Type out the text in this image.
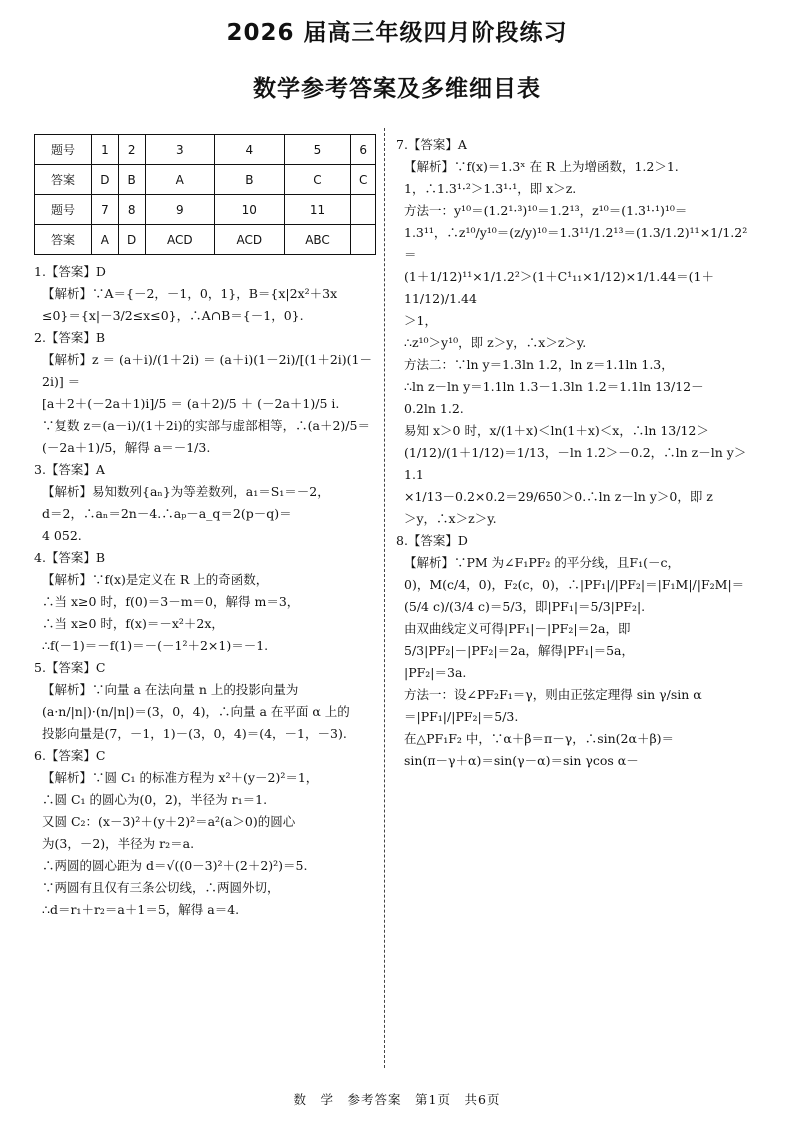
2026 届高三年级四月阶段练习
数学参考答案及多维细目表
题号	1	2	3	4	5	6
答案	D	B	A	B	C	C
题号	7	8	9	10	11	
答案	A	D	ACD	ACD	ABC	

1.【答案】D

【解析】∵A＝{－2，－1，0，1}，B＝{x|2x²＋3x

≤0}＝{x|－3/2≤x≤0}，∴A∩B＝{－1，0}.

2.【答案】B

【解析】z ＝ (a＋i)/(1＋2i) ＝ (a＋i)(1－2i)/[(1＋2i)(1－2i)] ＝

[a＋2＋(－2a＋1)i]/5 ＝ (a＋2)/5 ＋ (－2a＋1)/5 i.

∵复数 z＝(a－i)/(1＋2i)的实部与虚部相等，∴(a＋2)/5＝

(－2a＋1)/5，解得 a＝－1/3.

3.【答案】A

【解析】易知数列{aₙ}为等差数列，a₁＝S₁＝－2，

d＝2，∴aₙ＝2n－4.∴aₚ－a_q＝2(p－q)＝

4 052.

4.【答案】B

【解析】∵f(x)是定义在 R 上的奇函数，

∴当 x≥0 时，f(0)＝3－m＝0，解得 m＝3，

∴当 x≥0 时，f(x)＝－x²＋2x，

∴f(－1)＝－f(1)＝－(－1²＋2×1)＝－1.

5.【答案】C

【解析】∵向量 a 在法向量 n 上的投影向量为

(a·n/|n|)·(n/|n|)＝(3，0，4)，∴向量 a 在平面 α 上的

投影向量是(7，－1，1)－(3，0，4)＝(4，－1，－3).

6.【答案】C

【解析】∵圆 C₁ 的标准方程为 x²＋(y－2)²＝1，

∴圆 C₁ 的圆心为(0，2)，半径为 r₁＝1.

又圆 C₂：(x－3)²＋(y＋2)²＝a²(a＞0)的圆心

为(3，－2)，半径为 r₂＝a.

∴两圆的圆心距为 d＝√((0－3)²＋(2＋2)²)＝5.

∵两圆有且仅有三条公切线，∴两圆外切，

∴d＝r₁＋r₂＝a＋1＝5，解得 a＝4.

7.【答案】A

【解析】∵f(x)＝1.3ˣ 在 R 上为增函数，1.2＞1.

1，∴1.3¹·²＞1.3¹·¹，即 x＞z.

方法一：y¹⁰＝(1.2¹·³)¹⁰＝1.2¹³，z¹⁰＝(1.3¹·¹)¹⁰＝

1.3¹¹，∴z¹⁰/y¹⁰＝(z/y)¹⁰＝1.3¹¹/1.2¹³＝(1.3/1.2)¹¹×1/1.2²＝

(1＋1/12)¹¹×1/1.2²＞(1＋C¹₁₁×1/12)×1/1.44＝(1＋11/12)/1.44

＞1，

∴z¹⁰＞y¹⁰，即 z＞y，∴x＞z＞y.

方法二：∵ln y＝1.3ln 1.2，ln z＝1.1ln 1.3，

∴ln z－ln y＝1.1ln 1.3－1.3ln 1.2＝1.1ln 13/12－

0.2ln 1.2.

易知 x＞0 时，x/(1＋x)＜ln(1＋x)＜x，∴ln 13/12＞

(1/12)/(1＋1/12)＝1/13，－ln 1.2＞－0.2，∴ln z－ln y＞1.1

×1/13－0.2×0.2＝29/650＞0.∴ln z－ln y＞0，即 z

＞y，∴x＞z＞y.

8.【答案】D

【解析】∵PM 为∠F₁PF₂ 的平分线，且F₁(－c，

0)，M(c/4，0)，F₂(c，0)，∴|PF₁|/|PF₂|＝|F₁M|/|F₂M|＝

(5/4 c)/(3/4 c)＝5/3，即|PF₁|＝5/3|PF₂|.

由双曲线定义可得|PF₁|－|PF₂|＝2a，即

5/3|PF₂|－|PF₂|＝2a，解得|PF₁|＝5a，

|PF₂|＝3a.

方法一：设∠PF₂F₁＝γ，则由正弦定理得 sin γ/sin α

＝|PF₁|/|PF₂|＝5/3.

在△PF₁F₂ 中，∵α＋β＝π－γ，∴sin(2α＋β)＝

sin(π－γ＋α)＝sin(γ－α)＝sin γcos α－

数　学　参考答案　第1页　共6页
